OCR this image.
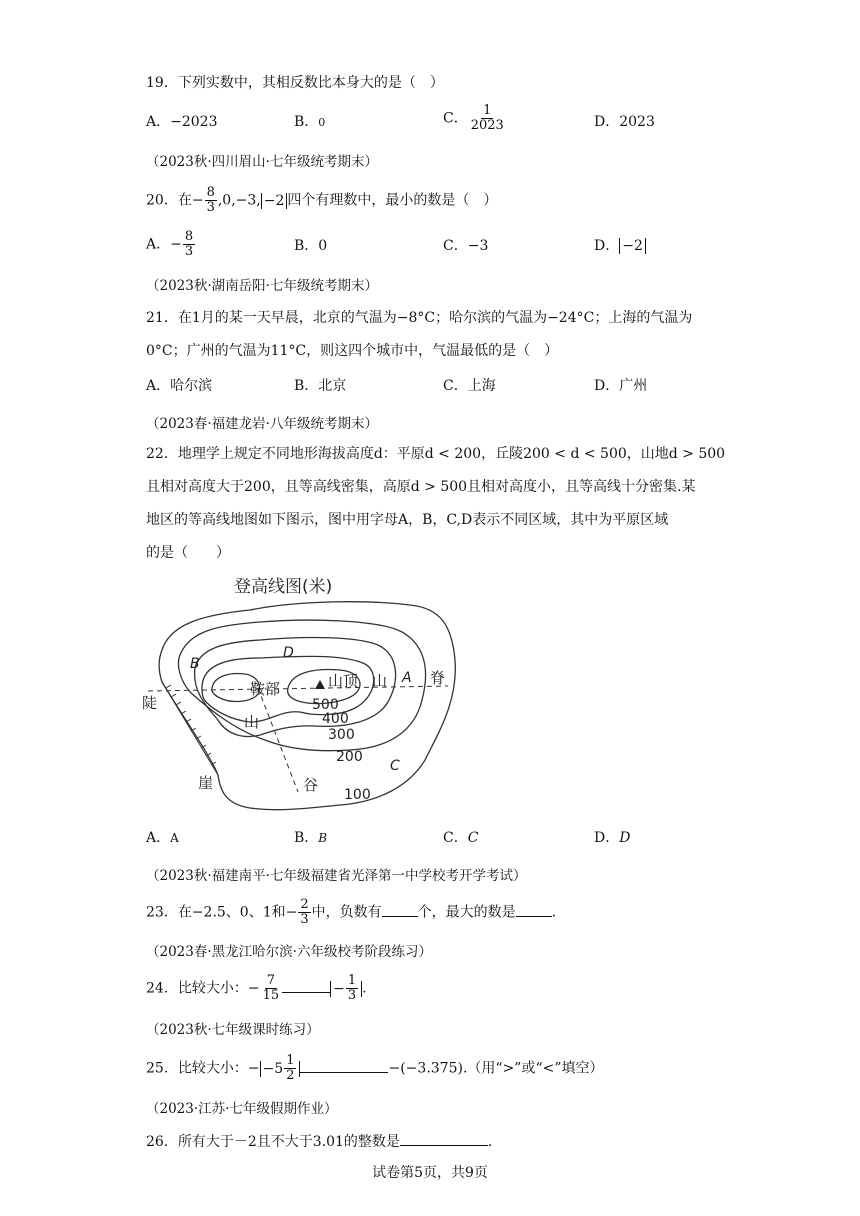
19．下列实数中，其相反数比本身大的是（　）
A．−2023	B．0	C． $\frac{1}{2023}$	D．2023
（2023秋·四川眉山·七年级统考期末）
20．在− $\frac{8}{3} ,0,-3$, −2 四个有理数中，最小的数是（　）
A．− $\frac{8}{3}$	B．0	C．−3	D． −2
（2023秋·湖南岳阳·七年级统考期末）
21．在1月的某一天早晨，北京的气温为−8°C；哈尔滨的气温为−24°C；上海的气温为
0°C；广州的气温为11°C，则这四个城市中，气温最低的是（　）
A．哈尔滨	B．北京	C．上海	D．广州
（2023春·福建龙岩·八年级统考期末）
22．地理学上规定不同地形海拔高度d：平原d < 200，丘陵200 < d < 500，山地d > 500
且相对高度大于200，且等高线密集，高原d > 500且相对高度小，且等高线十分密集.某
地区的等高线地图如下图示，图中用字母A，B，C,D表示不同区域，其中为平原区域
的是（　　）
登高线图(米)
B
D
A
C
山顶 山	脊
鞍部
山
谷
陡
崖
500
400
300
200
100
A．A	B．B	C．C	D．D
（2023秋·福建南平·七年级福建省光泽第一中学校考开学考试）
23．在−2.5、0、1和− $\frac{2}{3}$ 中，负数有	个，最大的数是	.
（2023春·黑龙江哈尔滨·六年级校考阶段练习）
24．比较大小：− $\frac{7}{15}$	− $\frac{1}{3}$ .
（2023秋·七年级课时练习）
25．比较大小：− $-5 \frac{1}{2}$	−(−3.375).（用“>”或“<”填空）
（2023·江苏·七年级假期作业）
26．所有大于－2且不大于3.01的整数是	.
试卷第5页，共9页
